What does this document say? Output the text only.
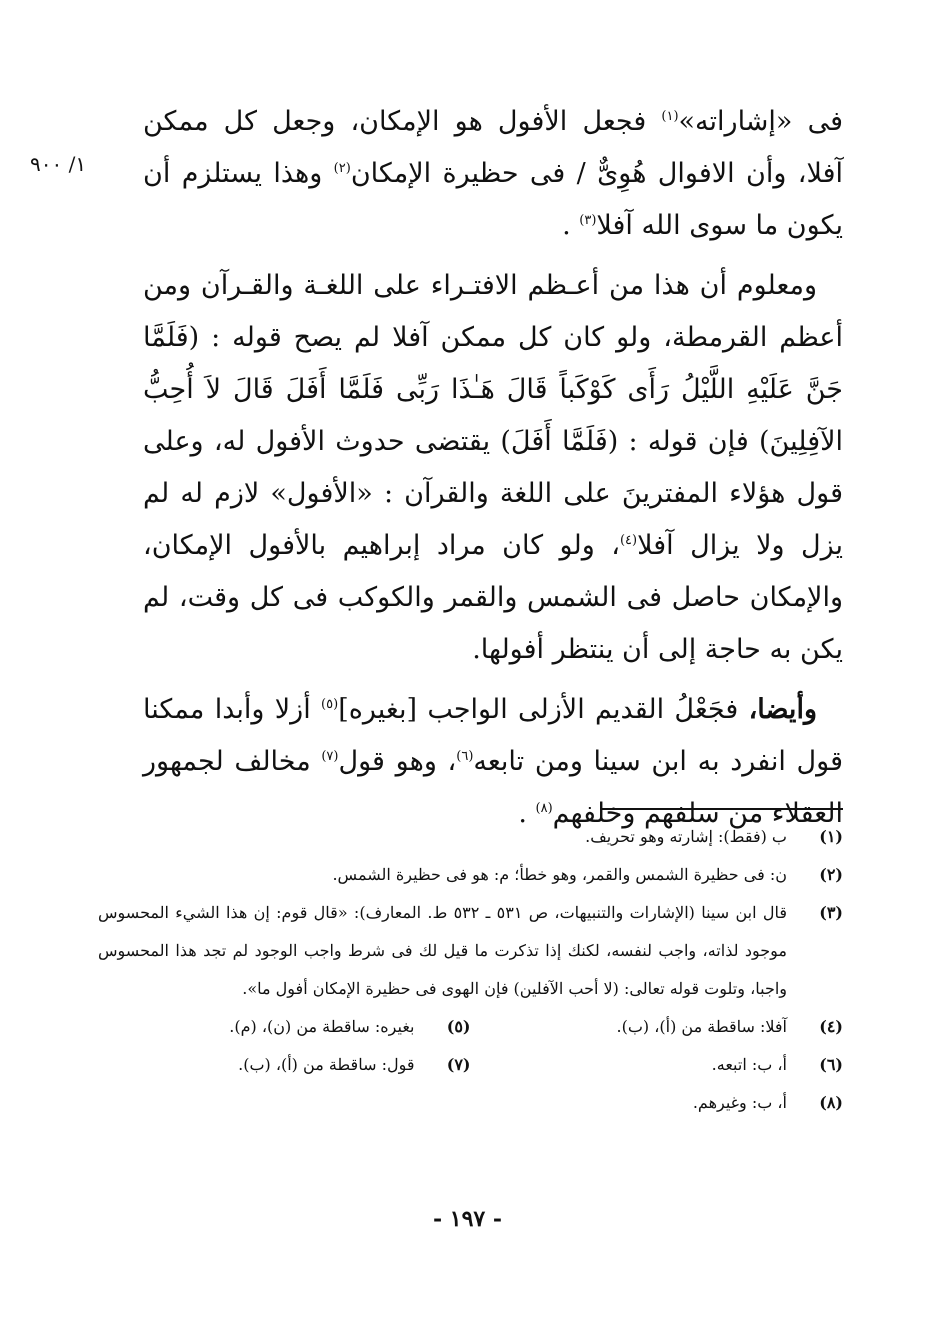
١/ ٩٠٠

فى «إشاراته»$^{(١)}$ فجعل الأفول هو الإمكان، وجعل كل ممكن آفلا، وأن الافوال هُوِىٌّ / فى حظيرة الإمكان$^{(٢)}$ وهذا يستلزم أن يكون ما سوى الله آفلا$^{(٣)}$ .

ومعلوم أن هذا من أعـظم الافتـراء على اللغـة والقـرآن ومن أعظم القرمطة، ولو كان كل ممكن آفلا لم يصح قوله : (فَلَمَّا جَنَّ عَلَيْهِ اللَّيْلُ رَأَى كَوْكَباً قَالَ هَـٰذَا رَبِّى فَلَمَّا أَفَلَ قَالَ لاَ أُحِبُّ الآفِلِينَ) فإن قوله : (فَلَمَّا أَفَلَ) يقتضى حدوث الأفول له، وعلى قول هؤلاء المفترينَ على اللغة والقرآن : «الأفول» لازم له لم يزل ولا يزال آفلا$^{(٤)}$، ولو كان مراد إبراهيم بالأفول الإمكان، والإمكان حاصل فى الشمس والقمر والكوكب فى كل وقت، لم يكن به حاجة إلى أن ينتظر أفولها.

وأيضا، فجَعْلُ القديم الأزلى الواجب [بغيره]$^{(٥)}$ أزلا وأبدا ممكنا قول انفرد به ابن سينا ومن تابعه$^{(٦)}$، وهو قول$^{(٧)}$ مخالف لجمهور العقلاء من سلفهم وخلفهم$^{(٨)}$ .

(١)
ب (فقط): إشارته وهو تحريف.
(٢)
ن: فى حظيرة الشمس والقمر، وهو خطأ؛ م: هو فى حظيرة الشمس.
(٣)
قال ابن سينا (الإشارات والتنبيهات، ص ٥٣١ ـ ٥٣٢ ط. المعارف): «قال قوم: إن هذا الشيء المحسوس موجود لذاته، واجب لنفسه، لكنك إذا تذكرت ما قيل لك فى شرط واجب الوجود لم تجد هذا المحسوس واجبا، وتلوت قوله تعالى: (لا أحب الآفلين) فإن الهوى فى حظيرة الإمكان أفول ما».
(٤)
آفلا: ساقطة من (أ)، (ب).
(٥)
بغيره: ساقطة من (ن)، (م).
(٦)
أ، ب: اتبعه.
(٧)
قول: ساقطة من (أ)، (ب).
(٨)
أ، ب: وغيرهم.
- ١٩٧ -
